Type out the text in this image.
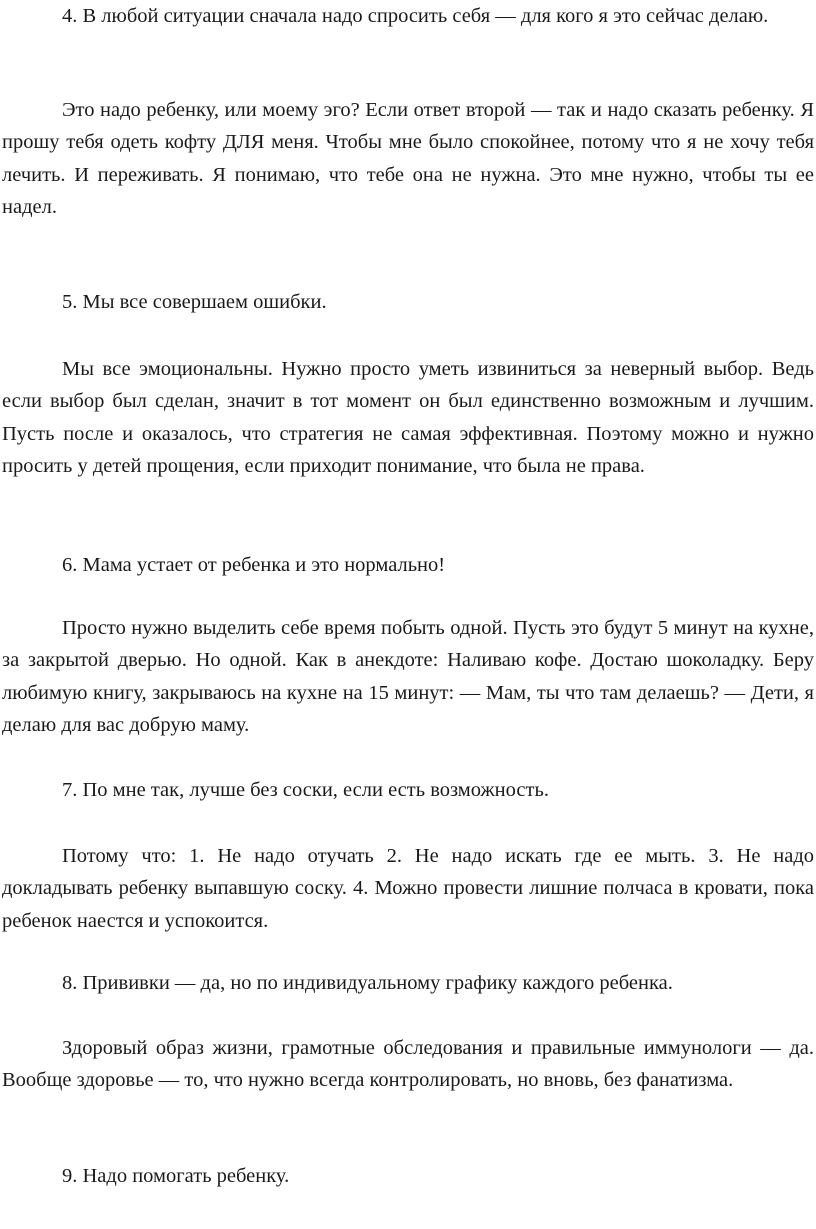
4. В любой ситуации сначала надо спросить себя — для кого я это сейчас делаю.

Это надо ребенку, или моему эго? Если ответ второй — так и надо сказать ребенку. Я прошу тебя одеть кофту ДЛЯ меня. Чтобы мне было спокойнее, потому что я не хочу тебя лечить. И переживать. Я понимаю, что тебе она не нужна. Это мне нужно, чтобы ты ее надел.

5. Мы все совершаем ошибки.

Мы все эмоциональны. Нужно просто уметь извиниться за неверный выбор. Ведь если выбор был сделан, значит в тот момент он был единственно возможным и лучшим. Пусть после и оказалось, что стратегия не самая эффективная. Поэтому можно и нужно просить у детей прощения, если приходит понимание, что была не права.

6. Мама устает от ребенка и это нормально!

Просто нужно выделить себе время побыть одной. Пусть это будут 5 минут на кухне, за закрытой дверью. Но одной. Как в анекдоте: Наливаю кофе. Достаю шоколадку. Беру любимую книгу, закрываюсь на кухне на 15 минут: — Мам, ты что там делаешь? — Дети, я делаю для вас добрую маму.

7. По мне так, лучше без соски, если есть возможность.

Потому что: 1. Не надо отучать 2. Не надо искать где ее мыть. 3. Не надо докладывать ребенку выпавшую соску. 4. Можно провести лишние полчаса в кровати, пока ребенок наестся и успокоится.

8. Прививки — да, но по индивидуальному графику каждого ребенка.

Здоровый образ жизни, грамотные обследования и правильные иммунологи — да. Вообще здоровье — то, что нужно всегда контролировать, но вновь, без фанатизма.

9. Надо помогать ребенку.
